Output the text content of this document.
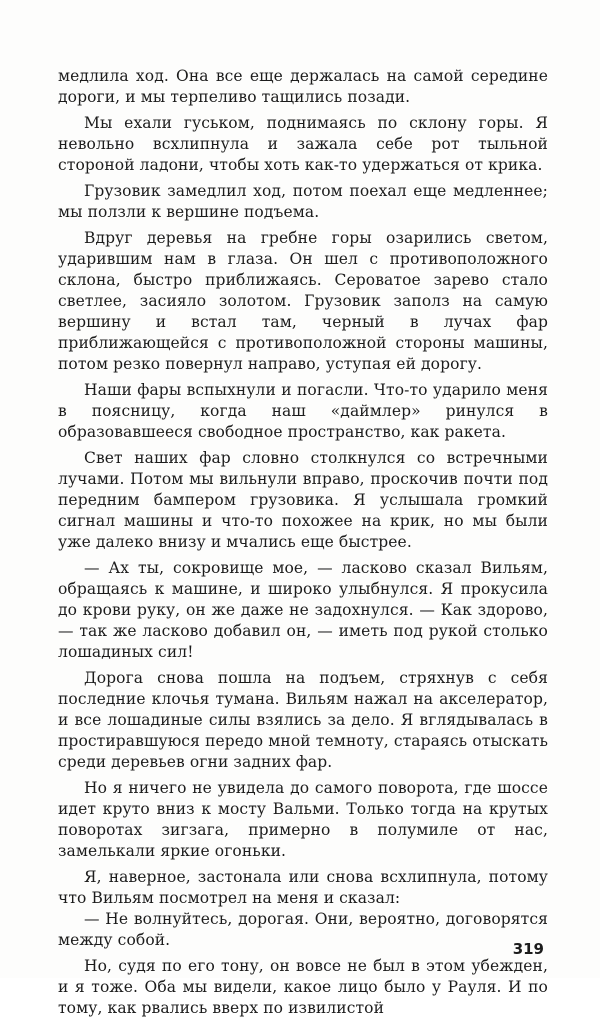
медлила ход. Она все еще держалась на самой середине дороги, и мы терпеливо тащились позади.

Мы ехали гуськом, поднимаясь по склону горы. Я невольно всхлипнула и зажала себе рот тыльной стороной ладони, чтобы хоть как-то удержаться от крика.

Грузовик замедлил ход, потом поехал еще медленнее; мы ползли к вершине подъема.

Вдруг деревья на гребне горы озарились светом, ударившим нам в глаза. Он шел с противоположного склона, быстро приближаясь. Сероватое зарево стало светлее, засияло золотом. Грузовик заполз на самую вершину и встал там, черный в лучах фар приближающейся с противоположной стороны машины, потом резко повернул направо, уступая ей дорогу.

Наши фары вспыхнули и погасли. Что-то ударило меня в поясницу, когда наш «даймлер» ринулся в образовавшееся свободное пространство, как ракета.

Свет наших фар словно столкнулся со встречными лучами. Потом мы вильнули вправо, проскочив почти под передним бампером грузовика. Я услышала громкий сигнал машины и что-то похожее на крик, но мы были уже далеко внизу и мчались еще быстрее.

— Ах ты, сокровище мое, — ласково сказал Вильям, обращаясь к машине, и широко улыбнулся. Я прокусила до крови руку, он же даже не задохнулся. — Как здорово, — так же ласково добавил он, — иметь под рукой столько лошадиных сил!

Дорога снова пошла на подъем, стряхнув с себя последние клочья тумана. Вильям нажал на акселератор, и все лошадиные силы взялись за дело. Я вглядывалась в простиравшуюся передо мной темноту, стараясь отыскать среди деревьев огни задних фар.

Но я ничего не увидела до самого поворота, где шоссе идет круто вниз к мосту Вальми. Только тогда на крутых поворотах зигзага, примерно в полумиле от нас, замелькали яркие огоньки.

Я, наверное, застонала или снова всхлипнула, потому что Вильям посмотрел на меня и сказал:

— Не волнуйтесь, дорогая. Они, вероятно, договорятся между собой.

Но, судя по его тону, он вовсе не был в этом убежден, и я тоже. Оба мы видели, какое лицо было у Рауля. И по тому, как рвались вверх по извилистой

319
